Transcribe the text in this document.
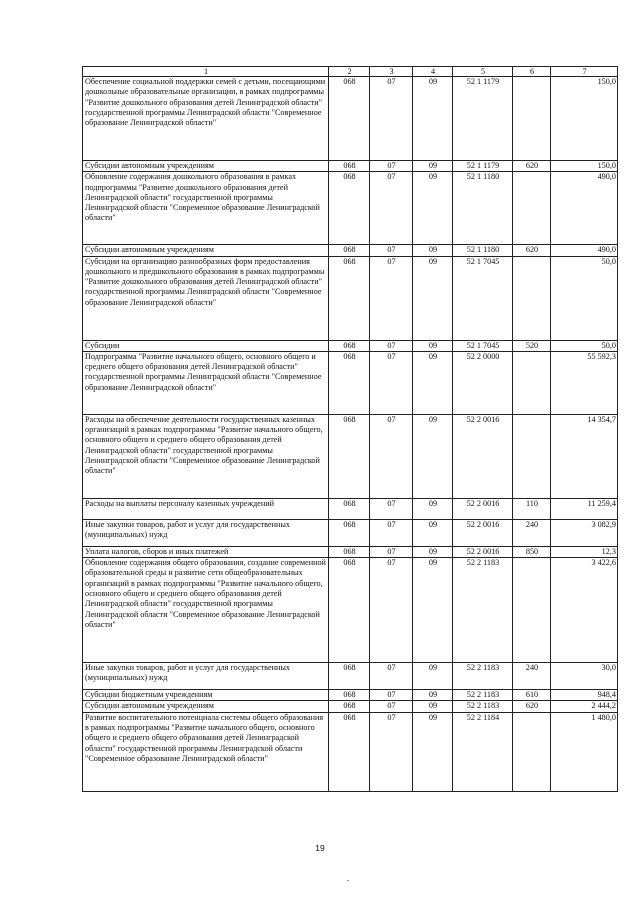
1	2	3	4	5	6	7
Обеспечение социальной поддержки семей с детьми, посещающими дошкольные образовательные организации, в рамках подпрограммы "Развитие дошкольного образования детей Ленинградской области" государственной программы Ленинградской области "Современное образование Ленинградской области"	068	07	09	52 1 1179		150,0
Субсидии автономным учреждениям	068	07	09	52 1 1179	620	150,0
Обновление содержания дошкольного образования в рамках подпрограммы "Развитие дошкольного образования детей Ленинградской области" государственной программы Ленинградской области "Современное образование Ленинградской области"	068	07	09	52 1 1180		490,0
Субсидии автономным учреждениям	068	07	09	52 1 1180	620	490,0
Субсидии на организацию разнообразных форм предоставления дошкольного и предшкольного образования в рамках подпрограммы "Развитие дошкольного образования детей Ленинградской области" государственной программы Ленинградской области "Современное образование Ленинградской области"	068	07	09	52 1 7045		50,0
Субсидии	068	07	09	52 1 7045	520	50,0
Подпрограмма "Развитие начального общего, основного общего и среднего общего образования детей Ленинградской области" государственной программы Ленинградской области "Современное образование Ленинградской области"	068	07	09	52 2 0000		55 592,3
Расходы на обеспечение деятельности государственных казенных организаций в рамках подпрограммы "Развитие начального общего, основного общего и среднего общего образования детей Ленинградской области" государственной программы Ленинградской области "Современное образование Ленинградской области"	068	07	09	52 2 0016		14 354,7
Расходы на выплаты персоналу казенных учреждений	068	07	09	52 2 0016	110	11 259,4
Иные закупки товаров, работ и услуг для государственных (муниципальных) нужд	068	07	09	52 2 0016	240	3 082,9
Уплата налогов, сборов и иных платежей	068	07	09	52 2 0016	850	12,3
Обновление содержания общего образования, создание современной образовательной среды и развитие сети общеобразовательных организаций в рамках подпрограммы "Развитие начального общего, основного общего и среднего общего образования детей Ленинградской области" государственной программы Ленинградской области "Современное образование Ленинградской области"	068	07	09	52 2 1183		3 422,6
Иные закупки товаров, работ и услуг для государственных (муниципальных) нужд	068	07	09	52 2 1183	240	30,0
Субсидии бюджетным учреждениям	068	07	09	52 2 1183	610	948,4
Субсидии автономным учреждениям	068	07	09	52 2 1183	620	2 444,2
Развитие воспитательного потенциала системы общего образования в рамках подпрограммы "Развитие начального общего, основного общего и среднего общего образования детей Ленинградской области" государственной программы Ленинградской области "Современное образование Ленинградской области"	068	07	09	52 2 1184		1 480,0
19
